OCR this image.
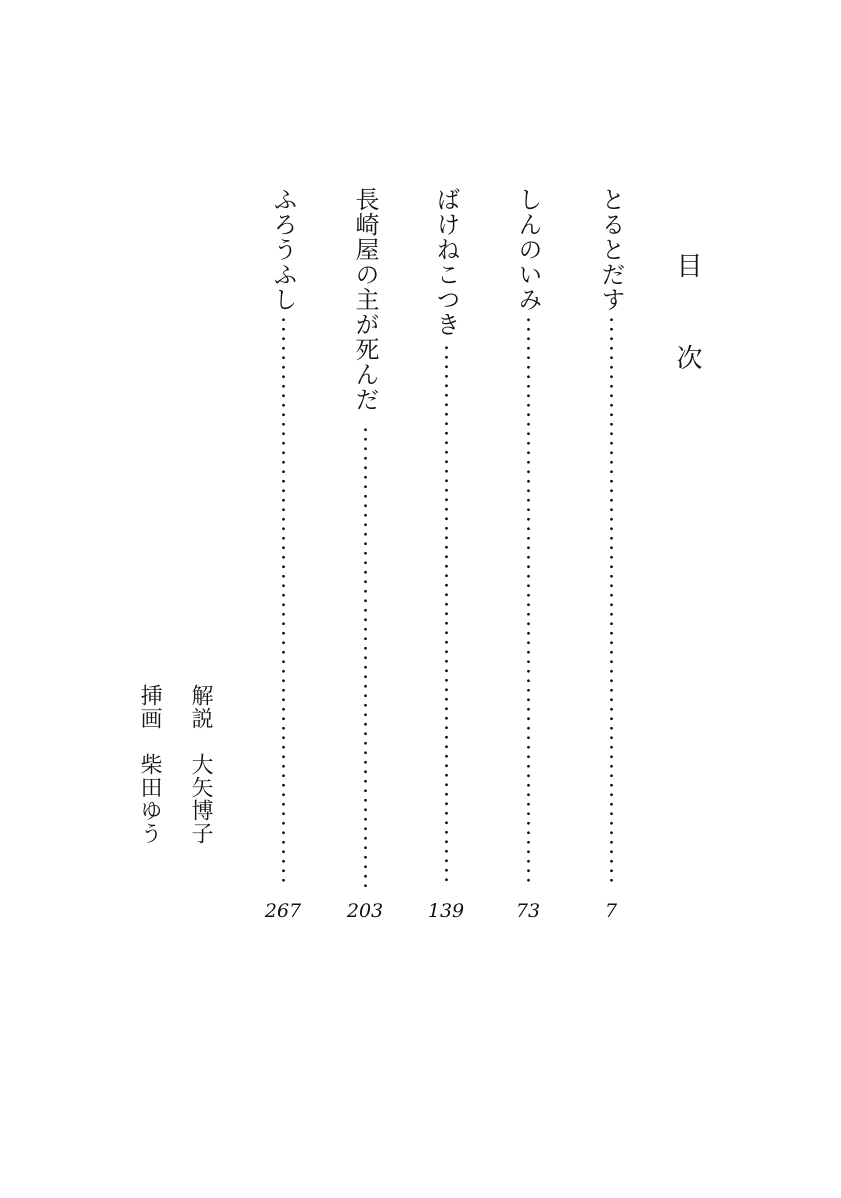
目次
とるとだす
7
しんのいみ
73
ばけねこつき
139
長崎屋の主が死んだ
203
ふろうふし
267
解説　大矢博子
挿画　柴田ゆう
